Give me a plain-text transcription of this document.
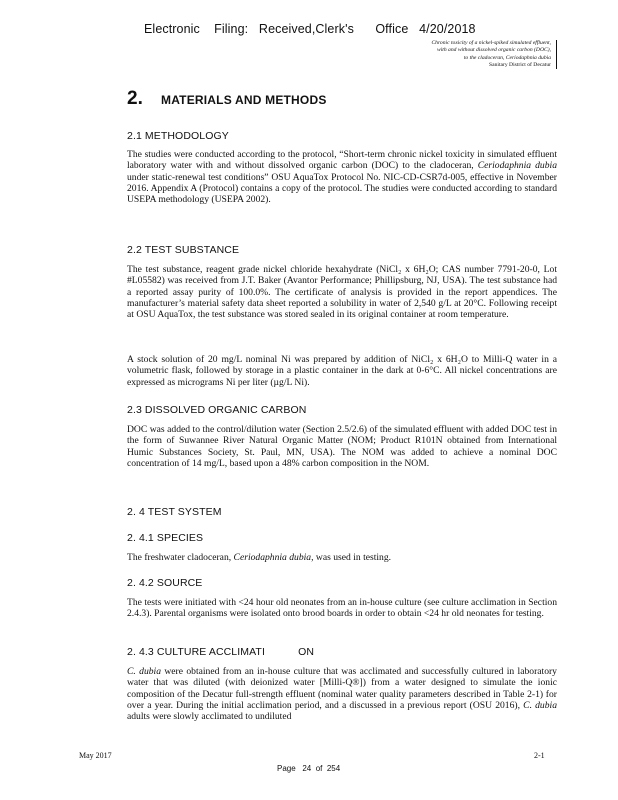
Electronic    Filing:   Received,Clerk's      Office   4/20/2018
Chronic toxicity of a nickel-spiked simulated effluent,
with and without dissolved organic carbon (DOC),
to the cladoceran, Ceriodaphnia dubia
Sanitary District of Decatur
2. MATERIALS AND METHODS
2.1 METHODOLOGY

The studies were conducted according to the protocol, “Short-term chronic nickel toxicity in simulated effluent laboratory water with and without dissolved organic carbon (DOC) to the cladoceran, Ceriodaphnia dubia under static-renewal test conditions” OSU AquaTox Protocol No. NIC-CD-CSR7d-005, effective in November 2016. Appendix A (Protocol) contains a copy of the protocol. The studies were conducted according to standard USEPA methodology (USEPA 2002).

2.2 TEST SUBSTANCE

The test substance, reagent grade nickel chloride hexahydrate (NiCl₂ x 6H₂O; CAS number 7791-20-0, Lot #L05582) was received from J.T. Baker (Avantor Performance; Phillipsburg, NJ, USA). The test substance had a reported assay purity of 100.0%. The certificate of analysis is provided in the report appendices. The manufacturer’s material safety data sheet reported a solubility in water of 2,540 g/L at 20°C. Following receipt at OSU AquaTox, the test substance was stored sealed in its original container at room temperature.

A stock solution of 20 mg/L nominal Ni was prepared by addition of NiCl₂ x 6H₂O to Milli-Q water in a volumetric flask, followed by storage in a plastic container in the dark at 0-6°C. All nickel concentrations are expressed as micrograms Ni per liter (µg/L Ni).

2.3 DISSOLVED ORGANIC CARBON

DOC was added to the control/dilution water (Section 2.5/2.6) of the simulated effluent with added DOC test in the form of Suwannee River Natural Organic Matter (NOM; Product R101N obtained from International Humic Substances Society, St. Paul, MN, USA). The NOM was added to achieve a nominal DOC concentration of 14 mg/L, based upon a 48% carbon composition in the NOM.

2. 4 TEST SYSTEM
2. 4.1 SPECIES

The freshwater cladoceran, Ceriodaphnia dubia, was used in testing.

2. 4.2 SOURCE

The tests were initiated with <24 hour old neonates from an in-house culture (see culture acclimation in Section 2.4.3). Parental organisms were isolated onto brood boards in order to obtain <24 hr old neonates for testing.

2. 4.3 CULTURE ACCLIMATI           ON

C. dubia were obtained from an in-house culture that was acclimated and successfully cultured in laboratory water that was diluted (with deionized water [Milli-Q®]) from a water designed to simulate the ionic composition of the Decatur full-strength effluent (nominal water quality parameters described in Table 2-1) for over a year. During the initial acclimation period, and a discussed in a previous report (OSU 2016), C. dubia adults were slowly acclimated to undiluted

May 2017	2-1
Page   24  of  254
